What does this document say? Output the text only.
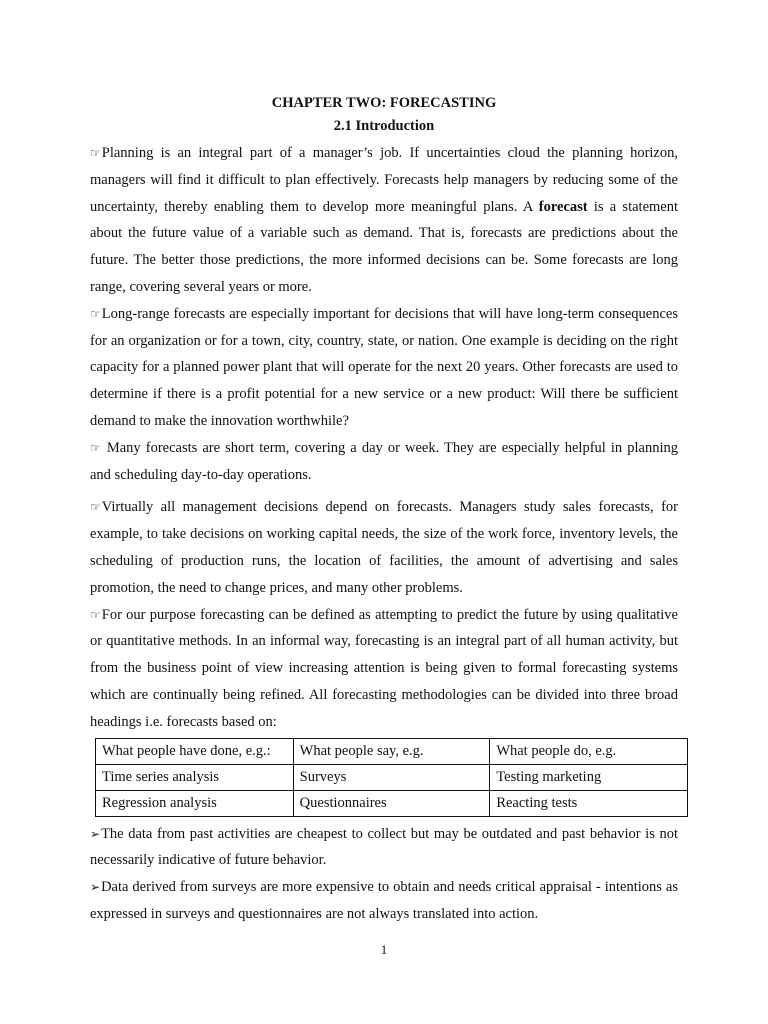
CHAPTER TWO: FORECASTING

2.1 Introduction

☞Planning is an integral part of a manager’s job. If uncertainties cloud the planning horizon, managers will find it difficult to plan effectively. Forecasts help managers by reducing some of the uncertainty, thereby enabling them to develop more meaningful plans. A forecast is a statement about the future value of a variable such as demand. That is, forecasts are predictions about the future. The better those predictions, the more informed decisions can be. Some forecasts are long range, covering several years or more.

☞Long-range forecasts are especially important for decisions that will have long-term consequences for an organization or for a town, city, country, state, or nation. One example is deciding on the right capacity for a planned power plant that will operate for the next 20 years. Other forecasts are used to determine if there is a profit potential for a new service or a new product: Will there be sufficient demand to make the innovation worthwhile?

☞ Many forecasts are short term, covering a day or week. They are especially helpful in planning and scheduling day-to-day operations.

☞Virtually all management decisions depend on forecasts. Managers study sales forecasts, for example, to take decisions on working capital needs, the size of the work force, inventory levels, the scheduling of production runs, the location of facilities, the amount of advertising and sales promotion, the need to change prices, and many other problems.

☞For our purpose forecasting can be defined as attempting to predict the future by using qualitative or quantitative methods. In an informal way, forecasting is an integral part of all human activity, but from the business point of view increasing attention is being given to formal forecasting systems which are continually being refined. All forecasting methodologies can be divided into three broad headings i.e. forecasts based on:

What people have done, e.g.:	What people say, e.g.	What people do, e.g.
Time series analysis	Surveys	Testing marketing
Regression analysis	Questionnaires	Reacting tests

➢The data from past activities are cheapest to collect but may be outdated and past behavior is not necessarily indicative of future behavior.

➢Data derived from surveys are more expensive to obtain and needs critical appraisal - intentions as expressed in surveys and questionnaires are not always translated into action.

1
